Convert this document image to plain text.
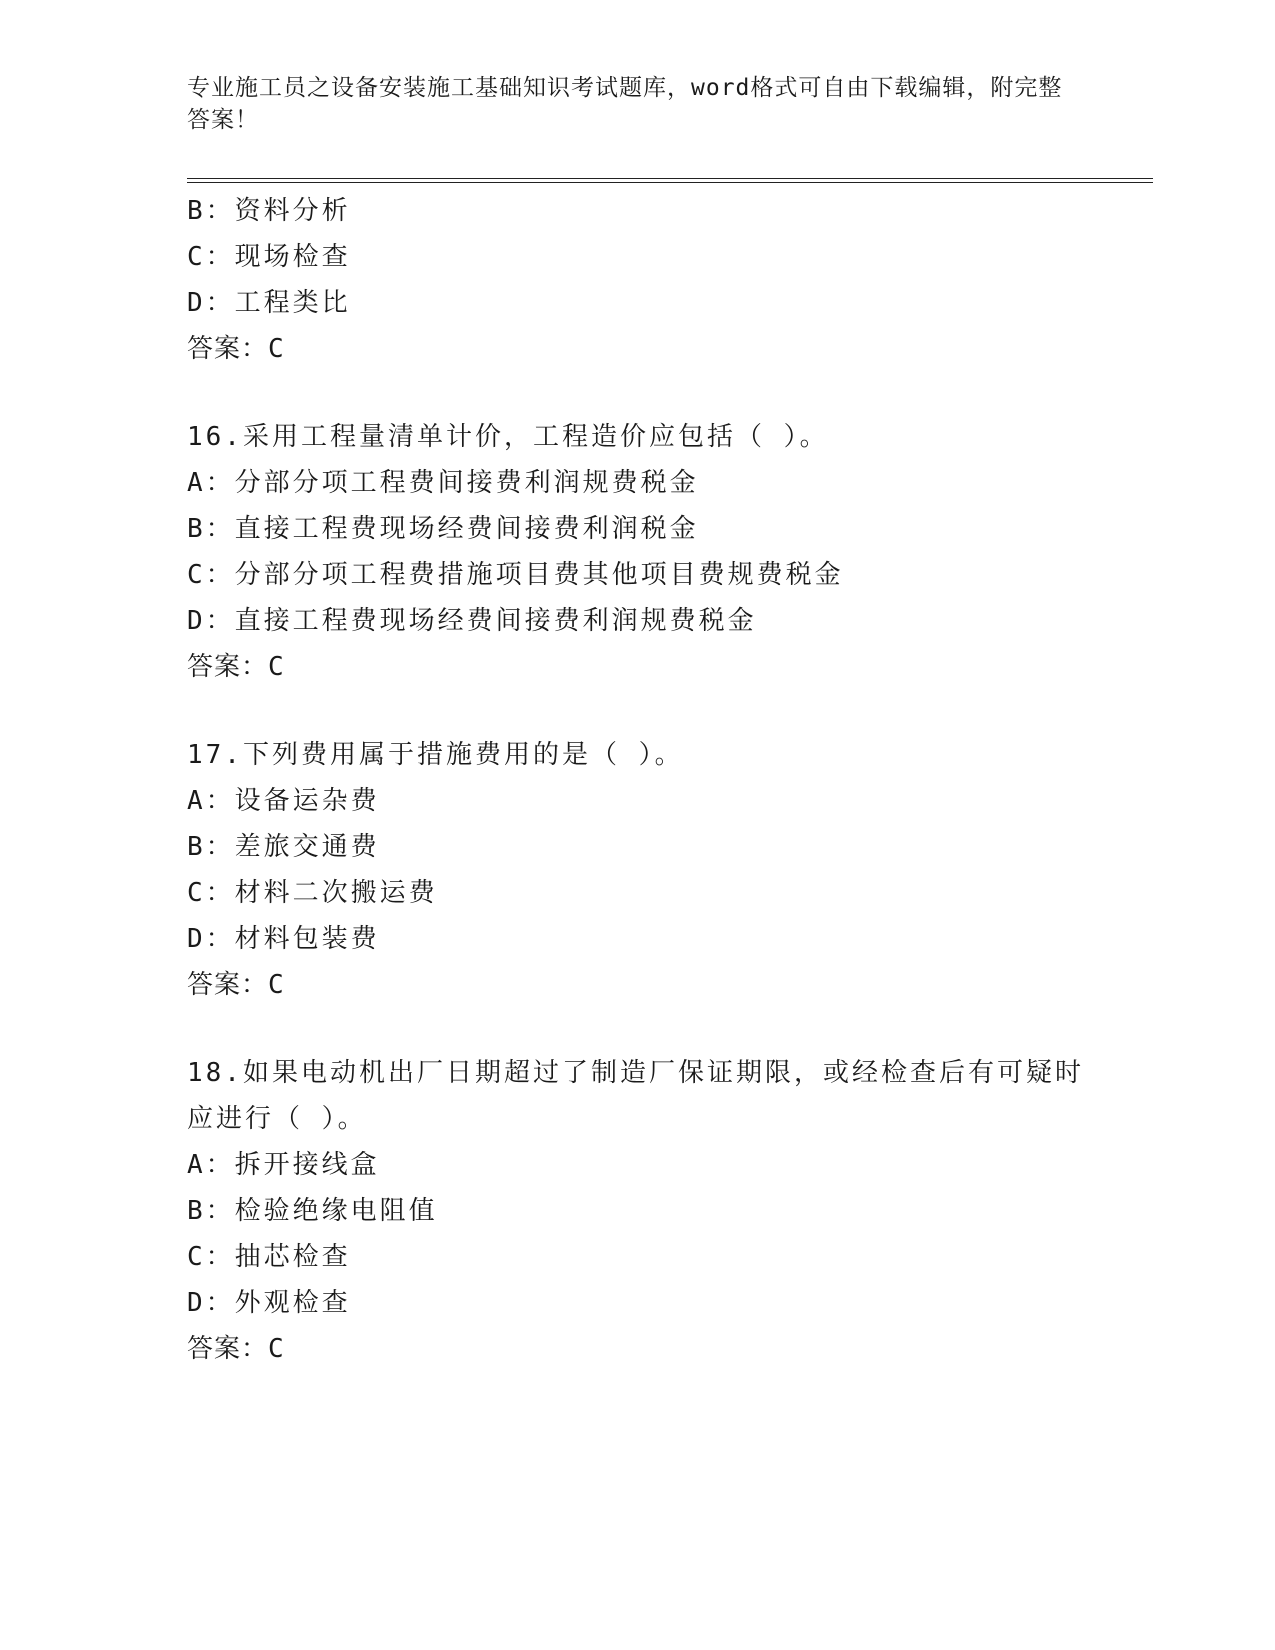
专业施工员之设备安装施工基础知识考试题库，word格式可自由下载编辑，附完整答案！
B：资料分析
C：现场检查
D：工程类比
答案：C
16.采用工程量清单计价，工程造价应包括（ ）。
A：分部分项工程费间接费利润规费税金
B：直接工程费现场经费间接费利润税金
C：分部分项工程费措施项目费其他项目费规费税金
D：直接工程费现场经费间接费利润规费税金
答案：C
17.下列费用属于措施费用的是（ ）。
A：设备运杂费
B：差旅交通费
C：材料二次搬运费
D：材料包装费
答案：C
18.如果电动机出厂日期超过了制造厂保证期限，或经检查后有可疑时
应进行（ ）。
A：拆开接线盒
B：检验绝缘电阻值
C：抽芯检查
D：外观检查
答案：C
